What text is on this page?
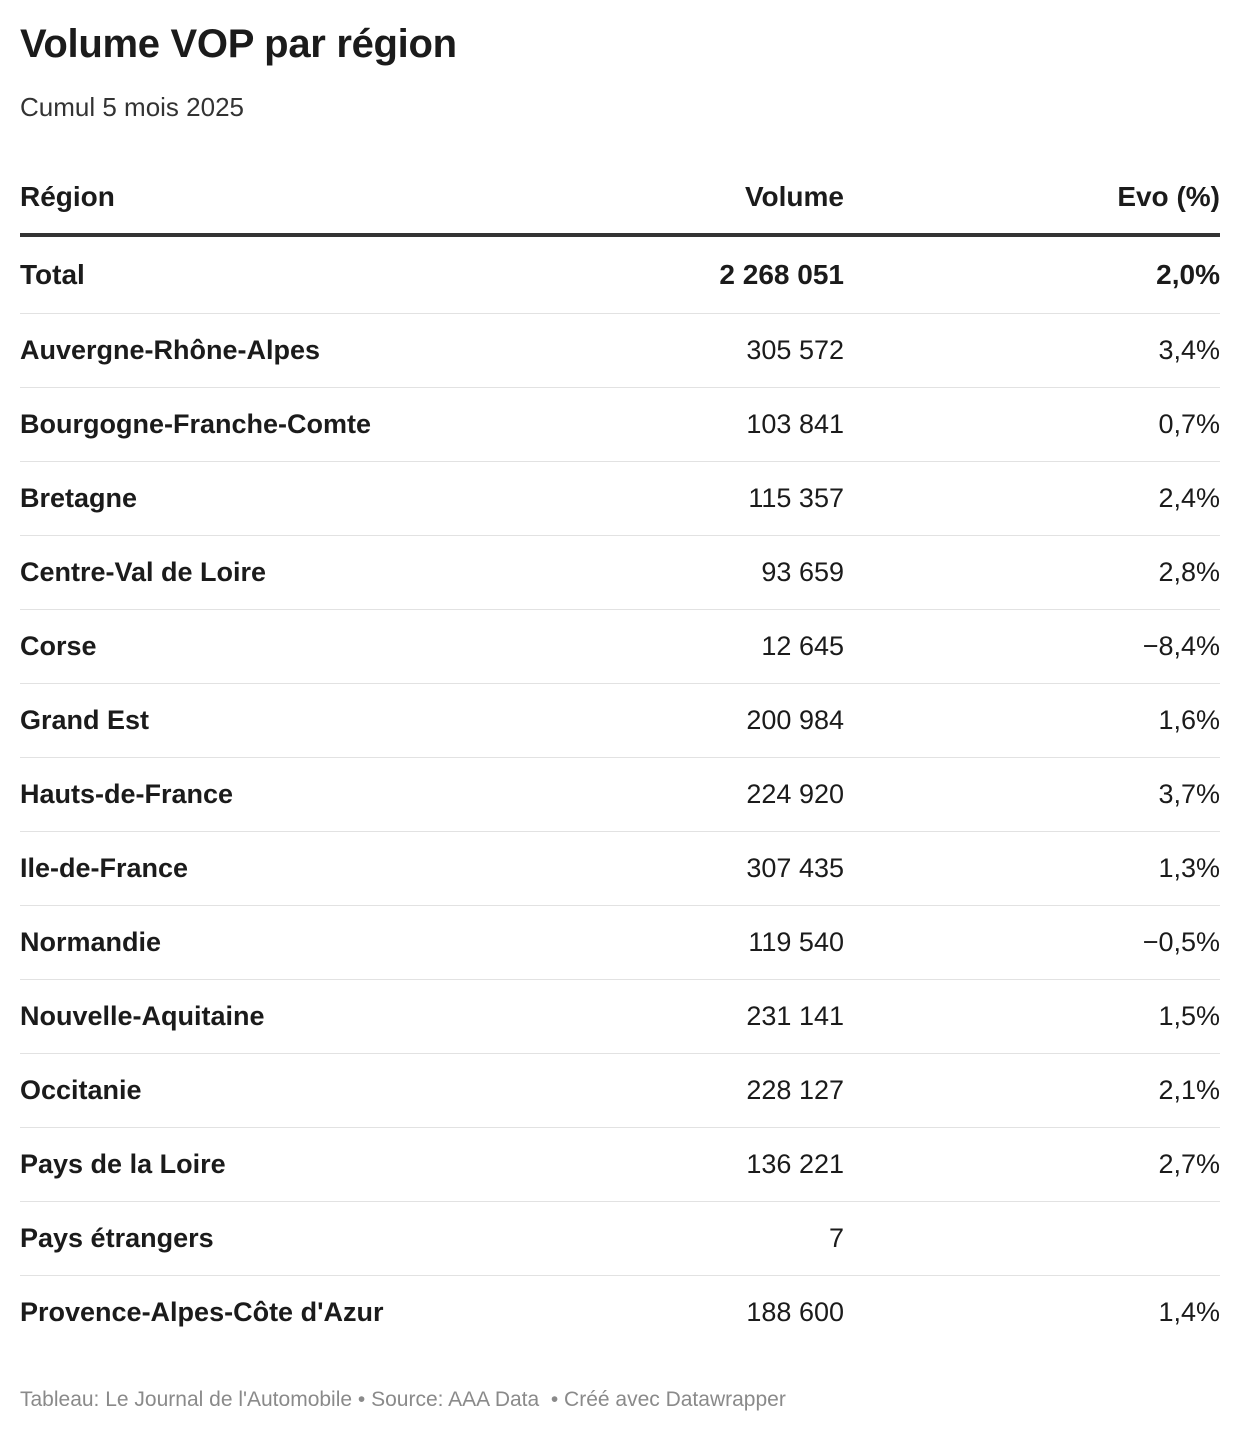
Volume VOP par région
Cumul 5 mois 2025
Région	Volume	Evo (%)
Total	2 268 051	2,0%
Auvergne-Rhône-Alpes	305 572	3,4%
Bourgogne-Franche-Comte	103 841	0,7%
Bretagne	115 357	2,4%
Centre-Val de Loire	93 659	2,8%
Corse	12 645	−8,4%
Grand Est	200 984	1,6%
Hauts-de-France	224 920	3,7%
Ile-de-France	307 435	1,3%
Normandie	119 540	−0,5%
Nouvelle-Aquitaine	231 141	1,5%
Occitanie	228 127	2,1%
Pays de la Loire	136 221	2,7%
Pays étrangers	7	
Provence-Alpes-Côte d'Azur	188 600	1,4%
Tableau: Le Journal de l'Automobile • Source: AAA Data  • Créé avec Datawrapper
